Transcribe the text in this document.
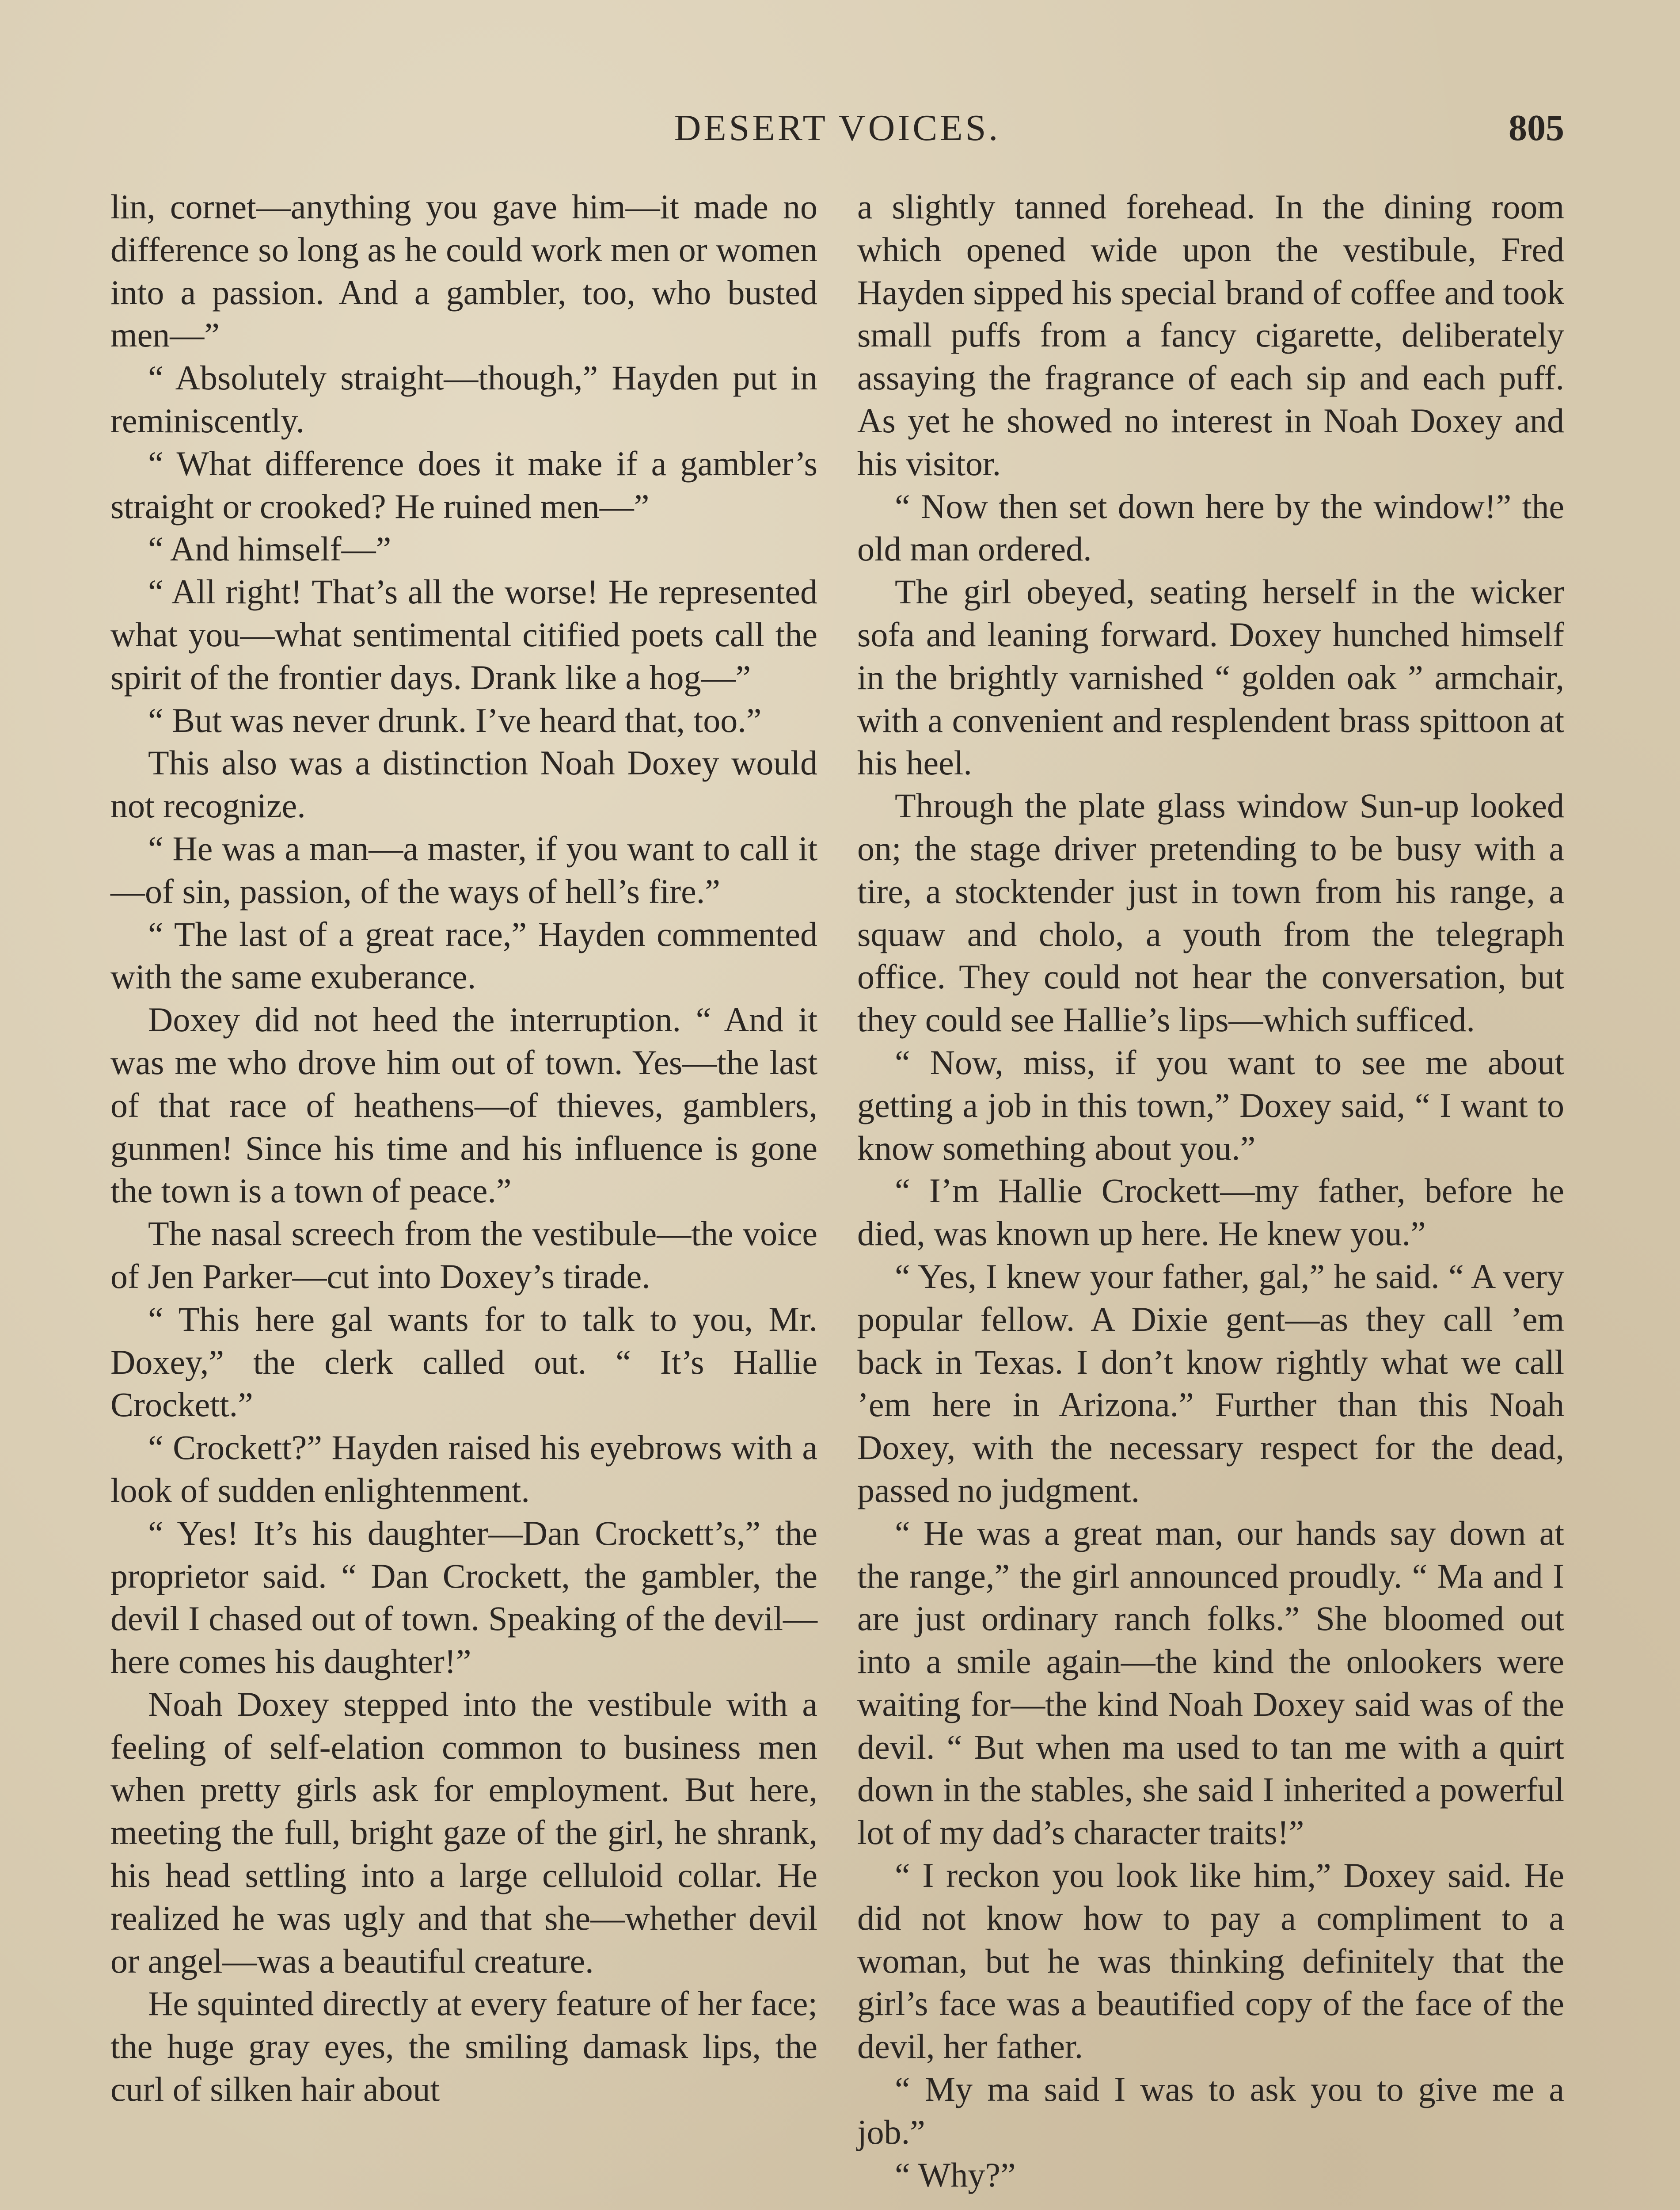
DESERT VOICES.	805

lin, cornet—anything you gave him—it made no difference so long as he could work men or women into a passion. And a gambler, too, who busted men—”

“ Absolutely straight—though,” Hayden put in reminiscently.

“ What difference does it make if a gambler’s straight or crooked? He ruined men—”

“ And himself—”

“ All right! That’s all the worse! He represented what you—what sentimental citified poets call the spirit of the frontier days. Drank like a hog—”

“ But was never drunk. I’ve heard that, too.”

This also was a distinction Noah Doxey would not recognize.

“ He was a man—a master, if you want to call it—of sin, passion, of the ways of hell’s fire.”

“ The last of a great race,” Hayden commented with the same exuberance.

Doxey did not heed the interruption. “ And it was me who drove him out of town. Yes—the last of that race of heathens—of thieves, gamblers, gunmen! Since his time and his influence is gone the town is a town of peace.”

The nasal screech from the vestibule—the voice of Jen Parker—cut into Doxey’s tirade.

“ This here gal wants for to talk to you, Mr. Doxey,” the clerk called out. “ It’s Hallie Crockett.”

“ Crockett?” Hayden raised his eyebrows with a look of sudden enlightenment.

“ Yes! It’s his daughter—Dan Crockett’s,” the proprietor said. “ Dan Crockett, the gambler, the devil I chased out of town. Speaking of the devil—here comes his daughter!”

Noah Doxey stepped into the vestibule with a feeling of self-elation common to business men when pretty girls ask for employment. But here, meeting the full, bright gaze of the girl, he shrank, his head settling into a large celluloid collar. He realized he was ugly and that she—whether devil or angel—was a beautiful creature.

He squinted directly at every feature of her face; the huge gray eyes, the smiling damask lips, the curl of silken hair about

a slightly tanned forehead. In the dining room which opened wide upon the vestibule, Fred Hayden sipped his special brand of coffee and took small puffs from a fancy cigarette, deliberately assaying the fragrance of each sip and each puff. As yet he showed no interest in Noah Doxey and his visitor.

“ Now then set down here by the window!” the old man ordered.

The girl obeyed, seating herself in the wicker sofa and leaning forward. Doxey hunched himself in the brightly varnished “ golden oak ” armchair, with a convenient and resplendent brass spittoon at his heel.

Through the plate glass window Sun-up looked on; the stage driver pretending to be busy with a tire, a stocktender just in town from his range, a squaw and cholo, a youth from the telegraph office. They could not hear the conversation, but they could see Hallie’s lips—which sufficed.

“ Now, miss, if you want to see me about getting a job in this town,” Doxey said, “ I want to know something about you.”

“ I’m Hallie Crockett—my father, before he died, was known up here. He knew you.”

“ Yes, I knew your father, gal,” he said. “ A very popular fellow. A Dixie gent—as they call ’em back in Texas. I don’t know rightly what we call ’em here in Arizona.” Further than this Noah Doxey, with the necessary respect for the dead, passed no judgment.

“ He was a great man, our hands say down at the range,” the girl announced proudly. “ Ma and I are just ordinary ranch folks.” She bloomed out into a smile again—the kind the onlookers were waiting for—the kind Noah Doxey said was of the devil. “ But when ma used to tan me with a quirt down in the stables, she said I inherited a powerful lot of my dad’s character traits!”

“ I reckon you look like him,” Doxey said. He did not know how to pay a compliment to a woman, but he was thinking definitely that the girl’s face was a beautified copy of the face of the devil, her father.

“ My ma said I was to ask you to give me a job.”

“ Why?”
